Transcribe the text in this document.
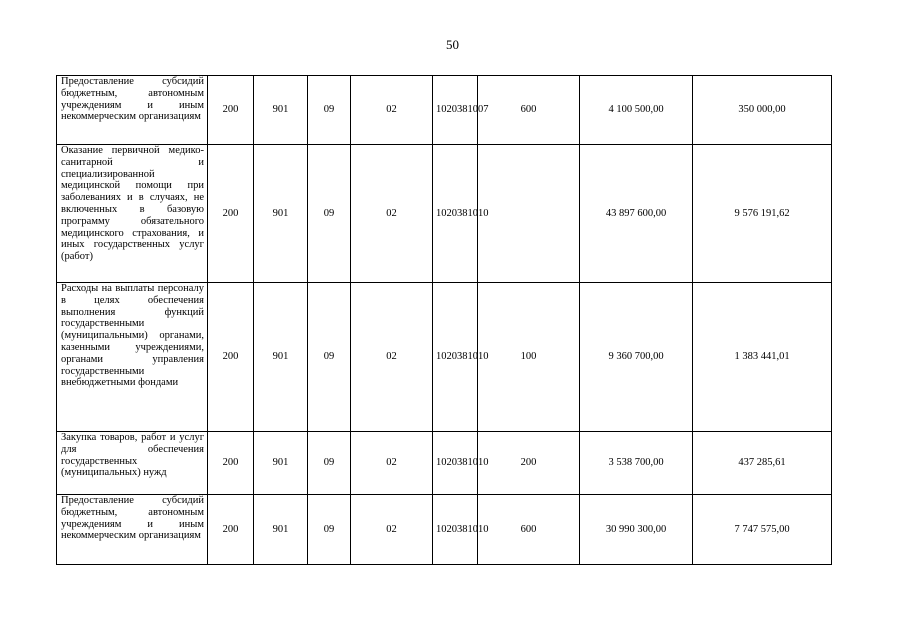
50
Предоставление субсидий бюджетным, автономным учреждениям и иным некоммерческим организациям	200	901	09	02	1020381007	600	4 100 500,00	350 000,00	
Оказание первичной медико-санитарной и специализированной медицинской помощи при заболеваниях и в случаях, не включенных в базовую программу обязательного медицинского страхования, и иных государственных услуг (работ)	200	901	09	02	1020381010		43 897 600,00	9 576 191,62	
Расходы на выплаты персоналу в целях обеспечения выполнения функций государственными (муниципальными) органами, казенными учреждениями, органами управления государственными внебюджетными фондами	200	901	09	02	1020381010	100	9 360 700,00	1 383 441,01	
Закупка товаров, работ и услуг для обеспечения государственных (муниципальных) нужд	200	901	09	02	1020381010	200	3 538 700,00	437 285,61	
Предоставление субсидий бюджетным, автономным учреждениям и иным некоммерческим организациям	200	901	09	02	1020381010	600	30 990 300,00	7 747 575,00	
